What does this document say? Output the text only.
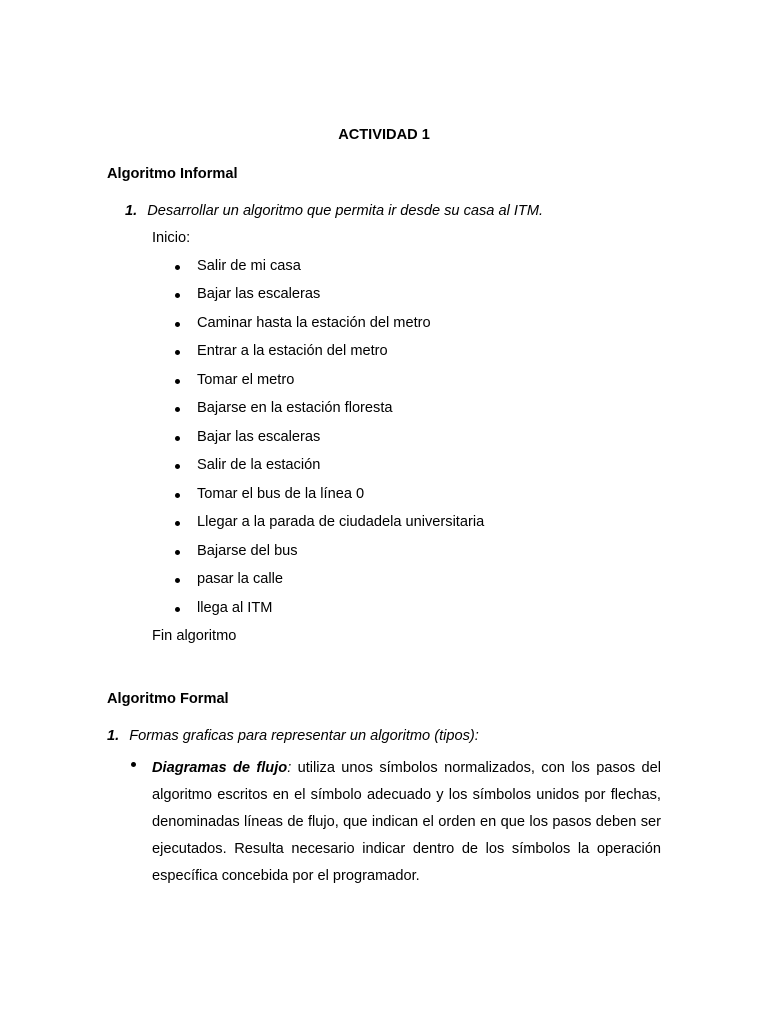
ACTIVIDAD 1
Algoritmo Informal
1. Desarrollar un algoritmo que permita ir desde su casa al ITM.
Inicio:
Salir de mi casa
Bajar las escaleras
Caminar hasta la estación del metro
Entrar a la estación del metro
Tomar el metro
Bajarse en la estación floresta
Bajar las escaleras
Salir de la estación
Tomar el bus de la línea 0
Llegar a la parada de ciudadela universitaria
Bajarse del bus
pasar la calle
llega al ITM
Fin algoritmo
Algoritmo Formal
1. Formas graficas para representar un algoritmo (tipos):
Diagramas de flujo: utiliza unos símbolos normalizados, con los pasos del algoritmo escritos en el símbolo adecuado y los símbolos unidos por flechas, denominadas líneas de flujo, que indican el orden en que los pasos deben ser ejecutados. Resulta necesario indicar dentro de los símbolos la operación específica concebida por el programador.
